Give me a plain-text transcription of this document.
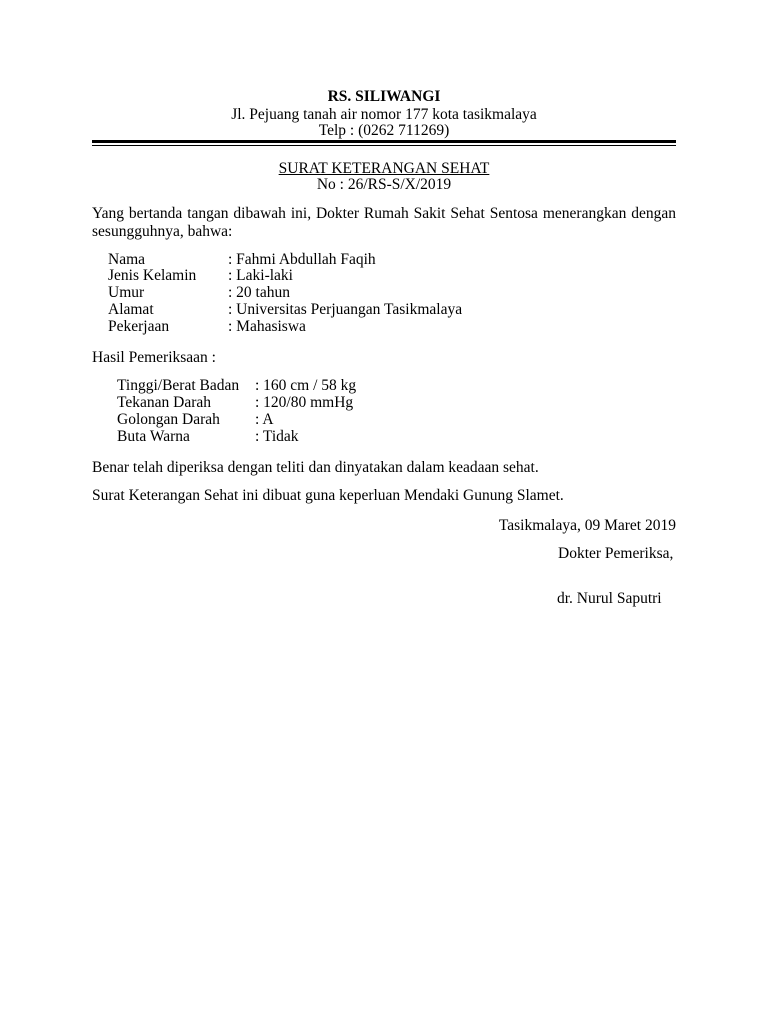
RS. SILIWANGI
Jl. Pejuang tanah air nomor 177 kota tasikmalaya
Telp : (0262 711269)
SURAT KETERANGAN SEHAT
No : 26/RS-S/X/2019
Yang bertanda tangan dibawah ini, Dokter Rumah Sakit Sehat Sentosa menerangkan dengan sesungguhnya, bahwa:
Nama	: Fahmi Abdullah Faqih
Jenis Kelamin : Laki-laki
Umur	: 20 tahun
Alamat	: Universitas Perjuangan Tasikmalaya
Pekerjaan	: Mahasiswa
Hasil Pemeriksaan :
Tinggi/Berat Badan : 160 cm / 58 kg
Tekanan Darah	: 120/80 mmHg
Golongan Darah : A
Buta Warna	: Tidak
Benar telah diperiksa dengan teliti dan dinyatakan dalam keadaan sehat.
Surat Keterangan Sehat ini dibuat guna keperluan Mendaki Gunung Slamet.
Tasikmalaya, 09 Maret 2019
Dokter Pemeriksa,
dr. Nurul Saputri
